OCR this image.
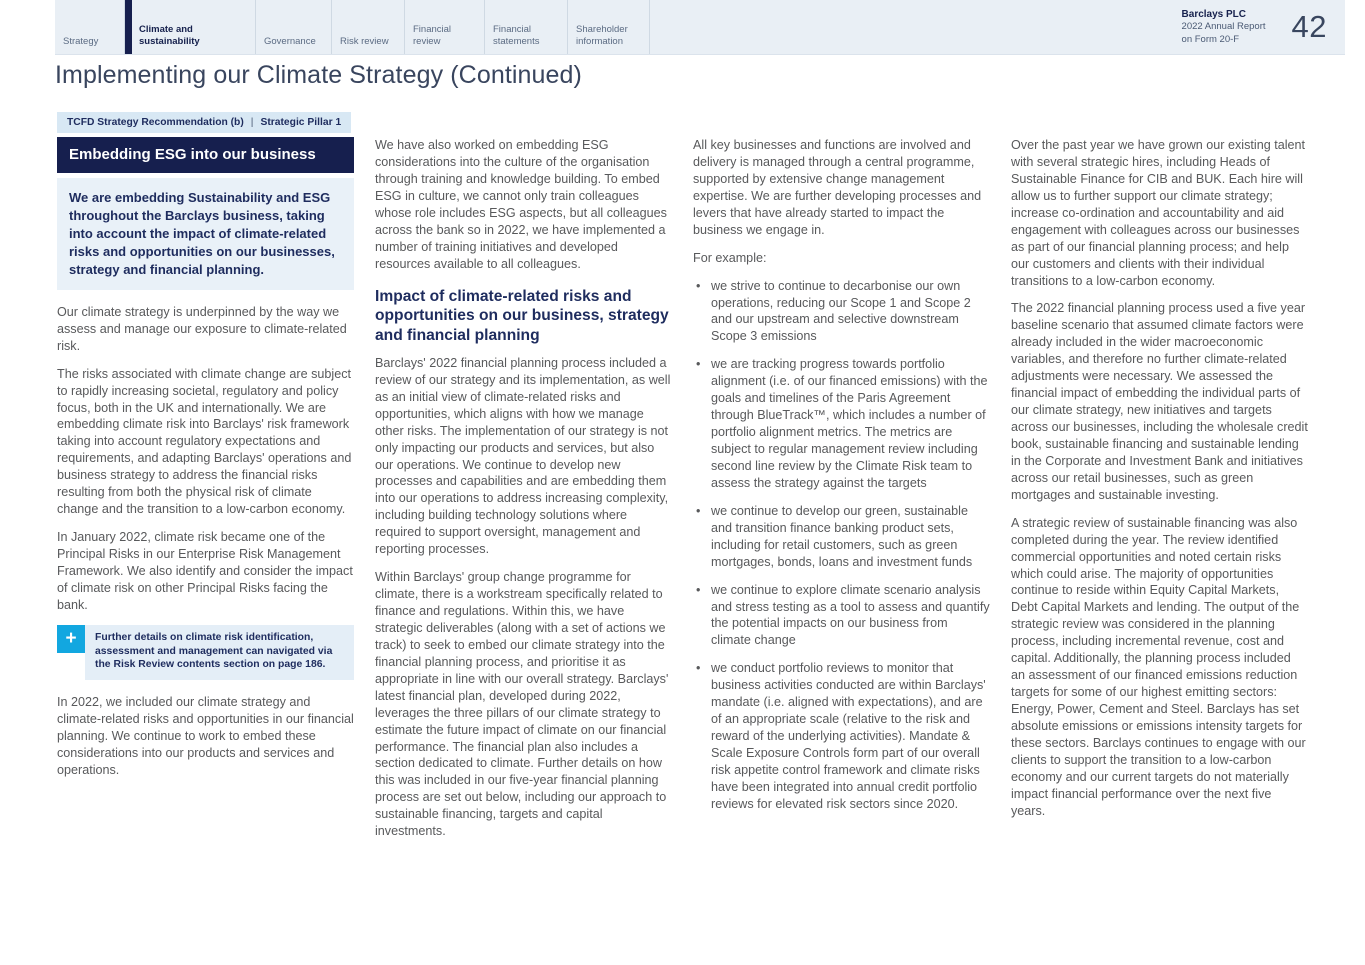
Strategy
Climate and sustainability	Governance	Risk review
Financial review
Financial statements
Shareholder information
Barclays PLC
2022 Annual Report
on Form 20-F	42
Implementing our Climate Strategy (Continued)
TCFD Strategy Recommendation (b) | Strategic Pillar 1
Embedding ESG into our business
We are embedding Sustainability and ESG throughout the Barclays business, taking into account the impact of climate-related risks and opportunities on our businesses, strategy and financial planning.

Our climate strategy is underpinned by the way we assess and manage our exposure to climate-related risk.

The risks associated with climate change are subject to rapidly increasing societal, regulatory and policy focus, both in the UK and internationally. We are embedding climate risk into Barclays' risk framework taking into account regulatory expectations and requirements, and adapting Barclays' operations and business strategy to address the financial risks resulting from both the physical risk of climate change and the transition to a low-carbon economy.

In January 2022, climate risk became one of the Principal Risks in our Enterprise Risk Management Framework. We also identify and consider the impact of climate risk on other Principal Risks facing the bank.

+	Further details on climate risk identification, assessment and management can navigated via the Risk Review contents section on page 186.

In 2022, we included our climate strategy and climate-related risks and opportunities in our financial planning. We continue to work to embed these considerations into our products and services and operations.

We have also worked on embedding ESG considerations into the culture of the organisation through training and knowledge building. To embed ESG in culture, we cannot only train colleagues whose role includes ESG aspects, but all colleagues across the bank so in 2022, we have implemented a number of training initiatives and developed resources available to all colleagues.

Impact of climate-related risks and opportunities on our business, strategy and financial planning

Barclays' 2022 financial planning process included a review of our strategy and its implementation, as well as an initial view of climate-related risks and opportunities, which aligns with how we manage other risks. The implementation of our strategy is not only impacting our products and services, but also our operations. We continue to develop new processes and capabilities and are embedding them into our operations to address increasing complexity, including building technology solutions where required to support oversight, management and reporting processes.

Within Barclays' group change programme for climate, there is a workstream specifically related to finance and regulations. Within this, we have strategic deliverables (along with a set of actions we track) to seek to embed our climate strategy into the financial planning process, and prioritise it as appropriate in line with our overall strategy. Barclays' latest financial plan, developed during 2022, leverages the three pillars of our climate strategy to estimate the future impact of climate on our financial performance. The financial plan also includes a section dedicated to climate. Further details on how this was included in our five-year financial planning process are set out below, including our approach to sustainable financing, targets and capital investments.

All key businesses and functions are involved and delivery is managed through a central programme, supported by extensive change management expertise. We are further developing processes and levers that have already started to impact the business we engage in.

For example:

• we strive to continue to decarbonise our own operations, reducing our Scope 1 and Scope 2 and our upstream and selective downstream Scope 3 emissions
• we are tracking progress towards portfolio alignment (i.e. of our financed emissions) with the goals and timelines of the Paris Agreement through BlueTrack™, which includes a number of portfolio alignment metrics. The metrics are subject to regular management review including second line review by the Climate Risk team to assess the strategy against the targets
• we continue to develop our green, sustainable and transition finance banking product sets, including for retail customers, such as green mortgages, bonds, loans and investment funds
• we continue to explore climate scenario analysis and stress testing as a tool to assess and quantify the potential impacts on our business from climate change
• we conduct portfolio reviews to monitor that business activities conducted are within Barclays' mandate (i.e. aligned with expectations), and are of an appropriate scale (relative to the risk and reward of the underlying activities). Mandate & Scale Exposure Controls form part of our overall risk appetite control framework and climate risks have been integrated into annual credit portfolio reviews for elevated risk sectors since 2020.

Over the past year we have grown our existing talent with several strategic hires, including Heads of Sustainable Finance for CIB and BUK. Each hire will allow us to further support our climate strategy; increase co-ordination and accountability and aid engagement with colleagues across our businesses as part of our financial planning process; and help our customers and clients with their individual transitions to a low-carbon economy.

The 2022 financial planning process used a five year baseline scenario that assumed climate factors were already included in the wider macroeconomic variables, and therefore no further climate-related adjustments were necessary. We assessed the financial impact of embedding the individual parts of our climate strategy, new initiatives and targets across our businesses, including the wholesale credit book, sustainable financing and sustainable lending in the Corporate and Investment Bank and initiatives across our retail businesses, such as green mortgages and sustainable investing.

A strategic review of sustainable financing was also completed during the year. The review identified commercial opportunities and noted certain risks which could arise. The majority of opportunities continue to reside within Equity Capital Markets, Debt Capital Markets and lending. The output of the strategic review was considered in the planning process, including incremental revenue, cost and capital. Additionally, the planning process included an assessment of our financed emissions reduction targets for some of our highest emitting sectors: Energy, Power, Cement and Steel. Barclays has set absolute emissions or emissions intensity targets for these sectors. Barclays continues to engage with our clients to support the transition to a low-carbon economy and our current targets do not materially impact financial performance over the next five years.
